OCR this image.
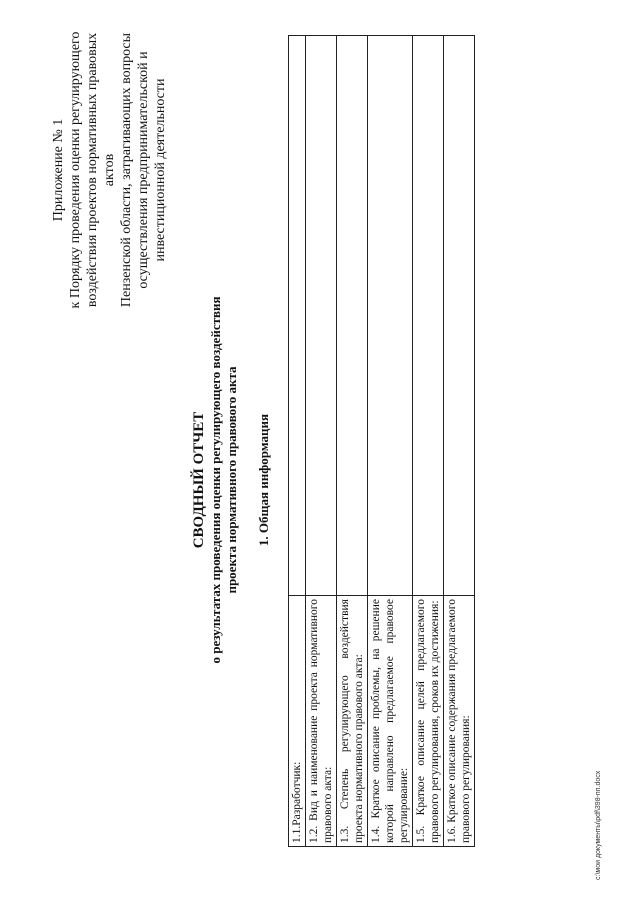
Приложение № 1 к Порядку проведения оценки регулирующего воздействия проектов нормативных правовых актов Пензенской области, затрагивающих вопросы осуществления предпринимательской и инвестиционной деятельности
СВОДНЫЙ ОТЧЕТ о результатах проведения оценки регулирующего воздействия проекта нормативного правового акта 1. Общая информация
1.1.Разработчик:	
1.2. Вид и наименование проекта нормативного правового акта:	
1.3. Степень регулирующего воздействия проекта нормативного правового акта:	
1.4. Краткое описание проблемы, на решение которой направлено предлагаемое правовое регулирование:	
1.5. Краткое описание целей предлагаемого правового регулирования, сроков их достижения:	
1.6. Краткое описание содержания предлагаемого правового регулирования:		c:\мои документы\pdf\398-пп.docx
